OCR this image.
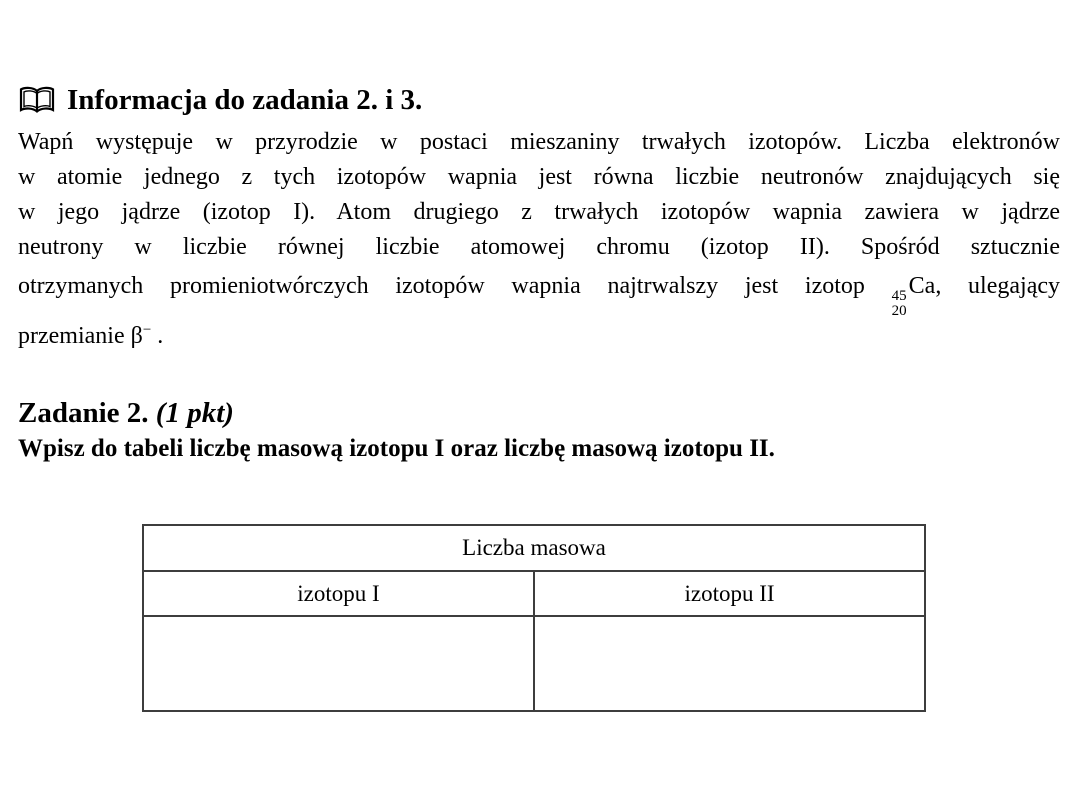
Informacja do zadania 2. i 3.
Wapń występuje w przyrodzie w postaci mieszaniny trwałych izotopów. Liczba elektronów
w atomie jednego z tych izotopów wapnia jest równa liczbie neutronów znajdujących się
w jego jądrze (izotop I). Atom drugiego z trwałych izotopów wapnia zawiera w jądrze
neutrony w liczbie równej liczbie atomowej chromu (izotop II). Spośród sztucznie
otrzymanych promieniotwórczych izotopów wapnia najtrwalszy jest izotop 45
20
Ca, ulegający
przemianie β− .
Zadanie 2. (1 pkt)
Wpisz do tabeli liczbę masową izotopu I oraz liczbę masową izotopu II.
Liczba masowa	
izotopu I	izotopu II
